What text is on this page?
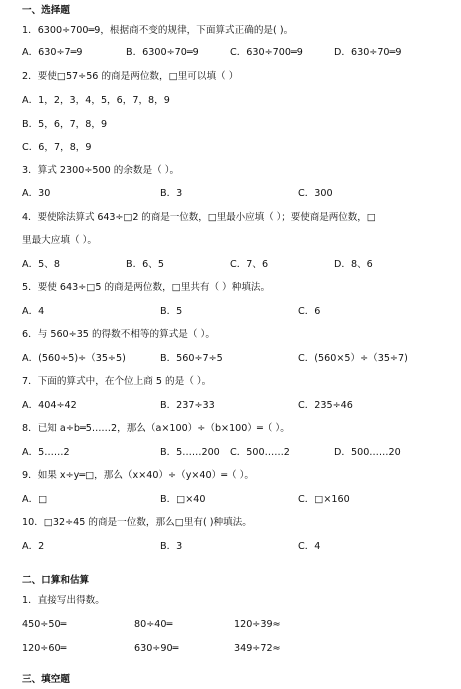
一、选择题
1．6300÷700═9，根据商不变的规律，下面算式正确的是( )。
A．630÷7═9	B．6300÷70═9	C．630÷700═9	D．630÷70═9
2．要使□57÷56 的商是两位数，□里可以填（ ）
A．1，2，3，4，5，6，7，8，9
B．5，6，7，8，9
C．6，7，8，9
3．算式 2300÷500 的余数是（ ）。
A．30	B．3	C．300
4．要使除法算式 643÷□2 的商是一位数，□里最小应填（ ）；要使商是两位数，□
里最大应填（ ）。
A．5、8	B．6、5	C．7、6	D．8、6
5．要使 643÷□5 的商是两位数，□里共有（ ）种填法。
A．4	B．5	C．6
6．与 560÷35 的得数不相等的算式是（ ）。
A．(560÷5)÷（35÷5)	B．560÷7÷5	C．(560×5）÷（35÷7)
7．下面的算式中，在个位上商 5 的是（ ）。
A．404÷42	B．237÷33	C．235÷46
8．已知 a÷b═5……2，那么（a×100）÷（b×100）═（ ）。
A．5……2	B．5……200 C．500……2	D．500……20
9．如果 x÷y═□，那么（x×40）÷（y×40）═（ ）。
A．□	B．□×40	C．□×160
10．□32÷45 的商是一位数，那么□里有( )种填法。
A．2	B．3	C．4
二、口算和估算
1．直接写出得数。
450÷50═	80÷40═	120÷39≈
120÷60═	630÷90═	349÷72≈
三、填空题
